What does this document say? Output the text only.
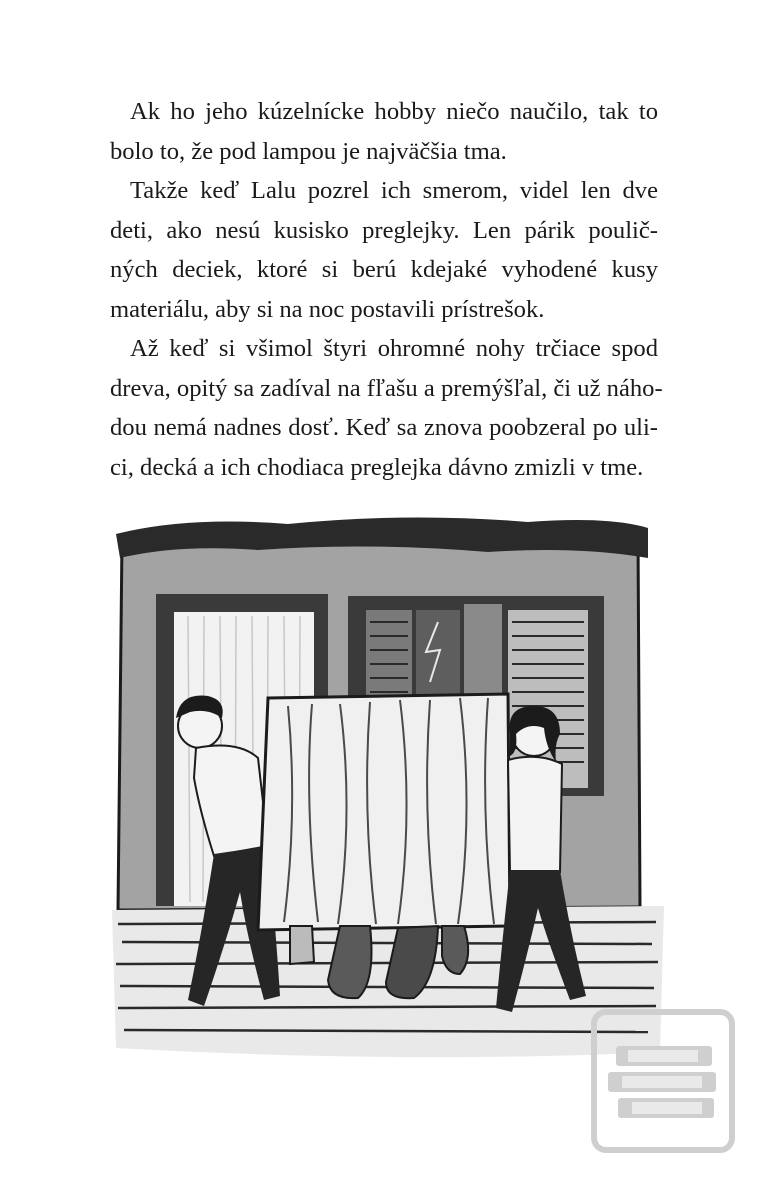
Ak ho jeho kúzelnícke hobby niečo naučilo, tak to
bolo to, že pod lampou je najväčšia tma.

Takže keď Lalu pozrel ich smerom, videl len dve
deti, ako nesú kusisko preglejky. Len párik poulič-
ných deciek, ktoré si berú kdejaké vyhodené kusy
materiálu, aby si na noc postavili prístrešok.

Až keď si všimol štyri ohromné nohy trčiace spod
dreva, opitý sa zadíval na fľašu a premýšľal, či už náho-
dou nemá nadnes dosť. Keď sa znova poobzeral po uli-
ci, decká a ich chodiaca preglejka dávno zmizli v tme.
